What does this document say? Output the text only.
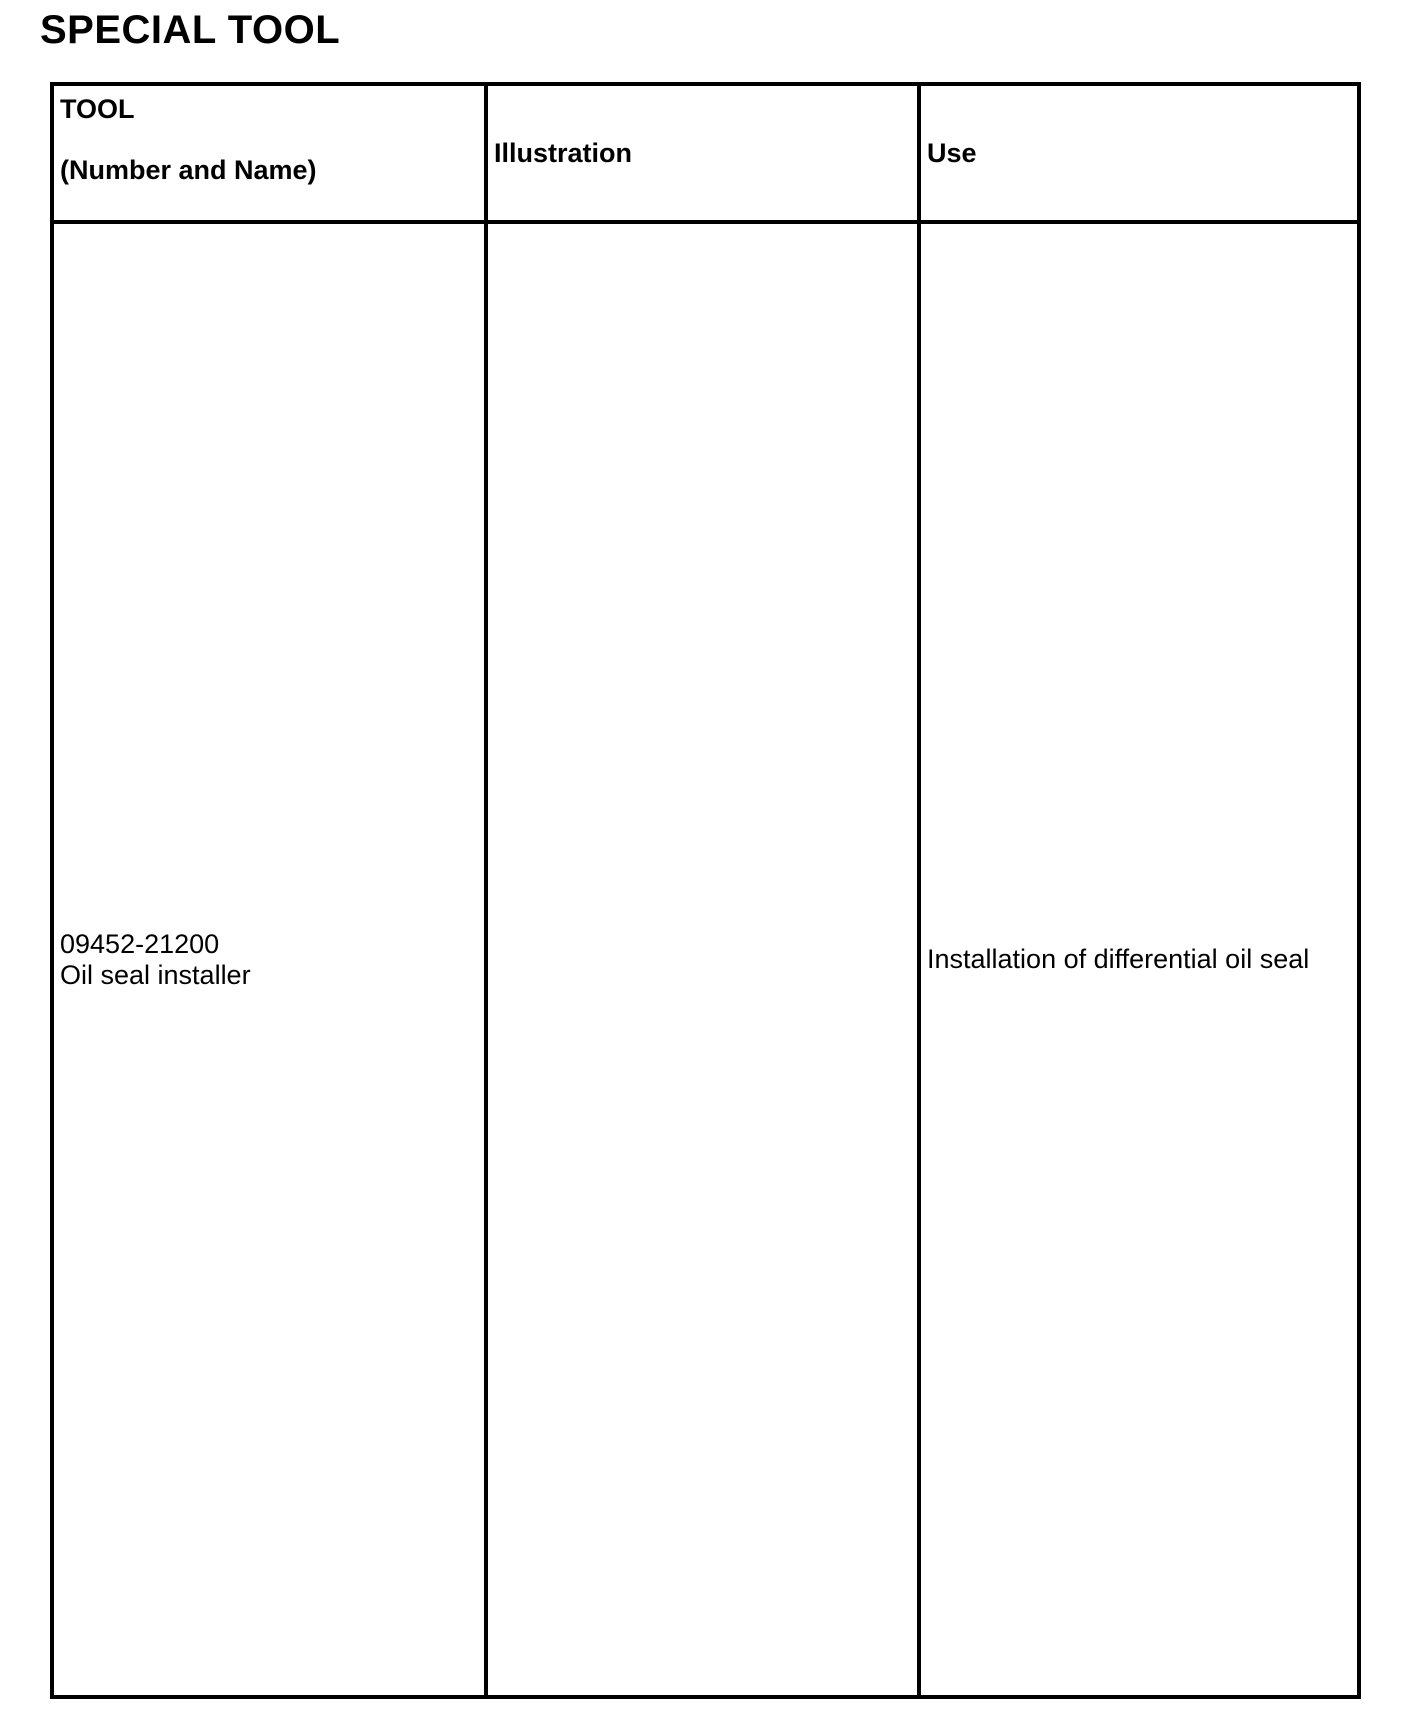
SPECIAL TOOL
TOOL
(Number and Name)	Illustration	Use

09452-21200
Oil seal installer		Installation of differential oil seal
